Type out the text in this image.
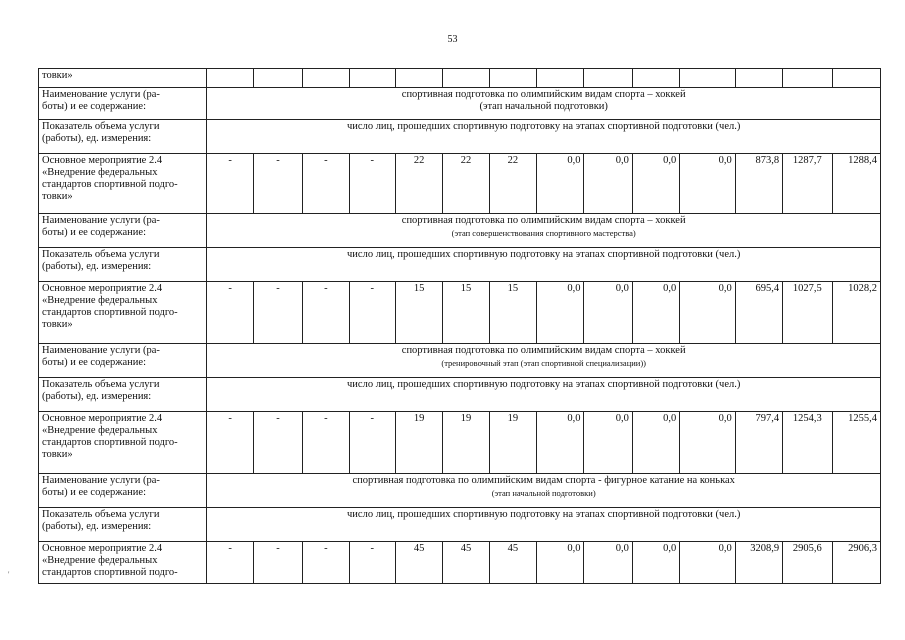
53
товки»														
Наименование услуги (ра-
боты) и ее содержание:	спортивная подготовка по олимпийским видам спорта – хоккей
(этап начальной подготовки)													

Показатель объема услуги
(работы), ед. измерения:	число лиц, прошедших спортивную подготовку на этапах спортивной подготовки (чел.)													
Основное мероприятие 2.4
«Внедрение федеральных
стандартов спортивной подго-
товки»	-	-	-	-	22	22	22	0,0	0,0	0,0	0,0	873,8	1287,7	1288,4
Наименование услуги (ра-
боты) и ее содержание:	спортивная подготовка по олимпийским видам спорта – хоккей
(этап совершенствования спортивного мастерства)													

Показатель объема услуги
(работы), ед. измерения:	число лиц, прошедших спортивную подготовку на этапах спортивной подготовки (чел.)													
Основное мероприятие 2.4
«Внедрение федеральных
стандартов спортивной подго-
товки»	-	-	-	-	15	15	15	0,0	0,0	0,0	0,0	695,4	1027,5	1028,2
Наименование услуги (ра-
боты) и ее содержание:	спортивная подготовка по олимпийским видам спорта – хоккей
(тренировочный этап (этап спортивной специализации))													

Показатель объема услуги
(работы), ед. измерения:	число лиц, прошедших спортивную подготовку на этапах спортивной подготовки (чел.)													
Основное мероприятие 2.4
«Внедрение федеральных
стандартов спортивной подго-
товки»	-	-	-	-	19	19	19	0,0	0,0	0,0	0,0	797,4	1254,3	1255,4
Наименование услуги (ра-
боты) и ее содержание:	спортивная подготовка по олимпийским видам спорта - фигурное катание на коньках
(этап начальной подготовки)													

Показатель объема услуги
(работы), ед. измерения:	число лиц, прошедших спортивную подготовку на этапах спортивной подготовки (чел.)													
Основное мероприятие 2.4
«Внедрение федеральных
стандартов спортивной подго-	-	-	-	-	45	45	45	0,0	0,0	0,0	0,0	3208,9	2905,6	2906,3
'
